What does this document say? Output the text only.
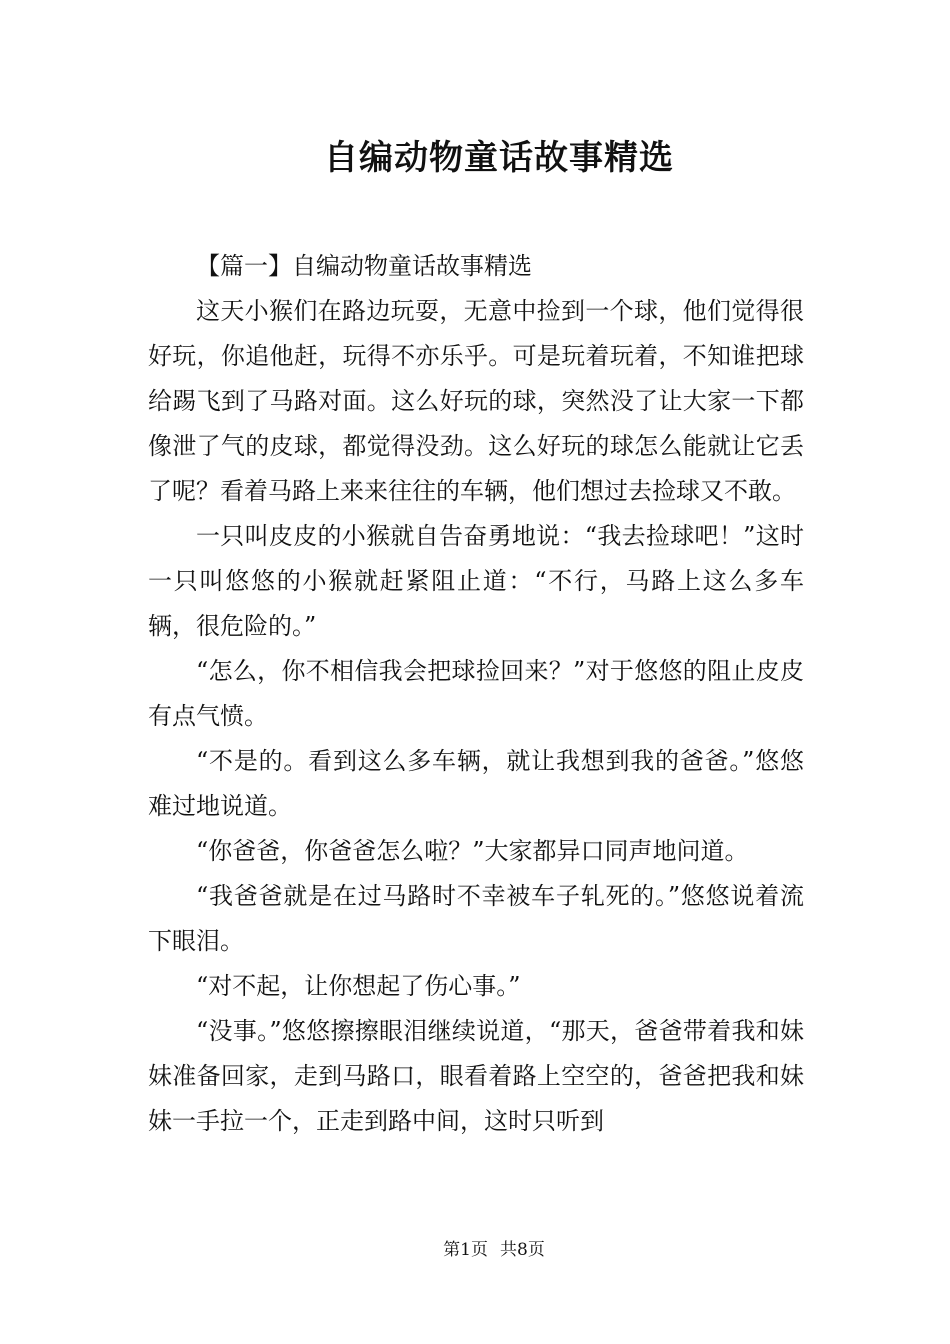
自编动物童话故事精选

【篇一】自编动物童话故事精选

这天小猴们在路边玩耍，无意中捡到一个球，他们觉得很好玩，你追他赶，玩得不亦乐乎。可是玩着玩着，不知谁把球给踢飞到了马路对面。这么好玩的球，突然没了让大家一下都像泄了气的皮球，都觉得没劲。这么好玩的球怎么能就让它丢了呢？看着马路上来来往往的车辆，他们想过去捡球又不敢。

一只叫皮皮的小猴就自告奋勇地说：“我去捡球吧！”这时一只叫悠悠的小猴就赶紧阻止道：“不行，马路上这么多车辆，很危险的。”

“怎么，你不相信我会把球捡回来？”对于悠悠的阻止皮皮有点气愤。

“不是的。看到这么多车辆，就让我想到我的爸爸。”悠悠难过地说道。

“你爸爸，你爸爸怎么啦？”大家都异口同声地问道。

“我爸爸就是在过马路时不幸被车子轧死的。”悠悠说着流下眼泪。

“对不起，让你想起了伤心事。”

“没事。”悠悠擦擦眼泪继续说道，“那天，爸爸带着我和妹妹准备回家，走到马路口，眼看着路上空空的，爸爸把我和妹妹一手拉一个，正走到路中间，这时只听到

第1页 共8页
